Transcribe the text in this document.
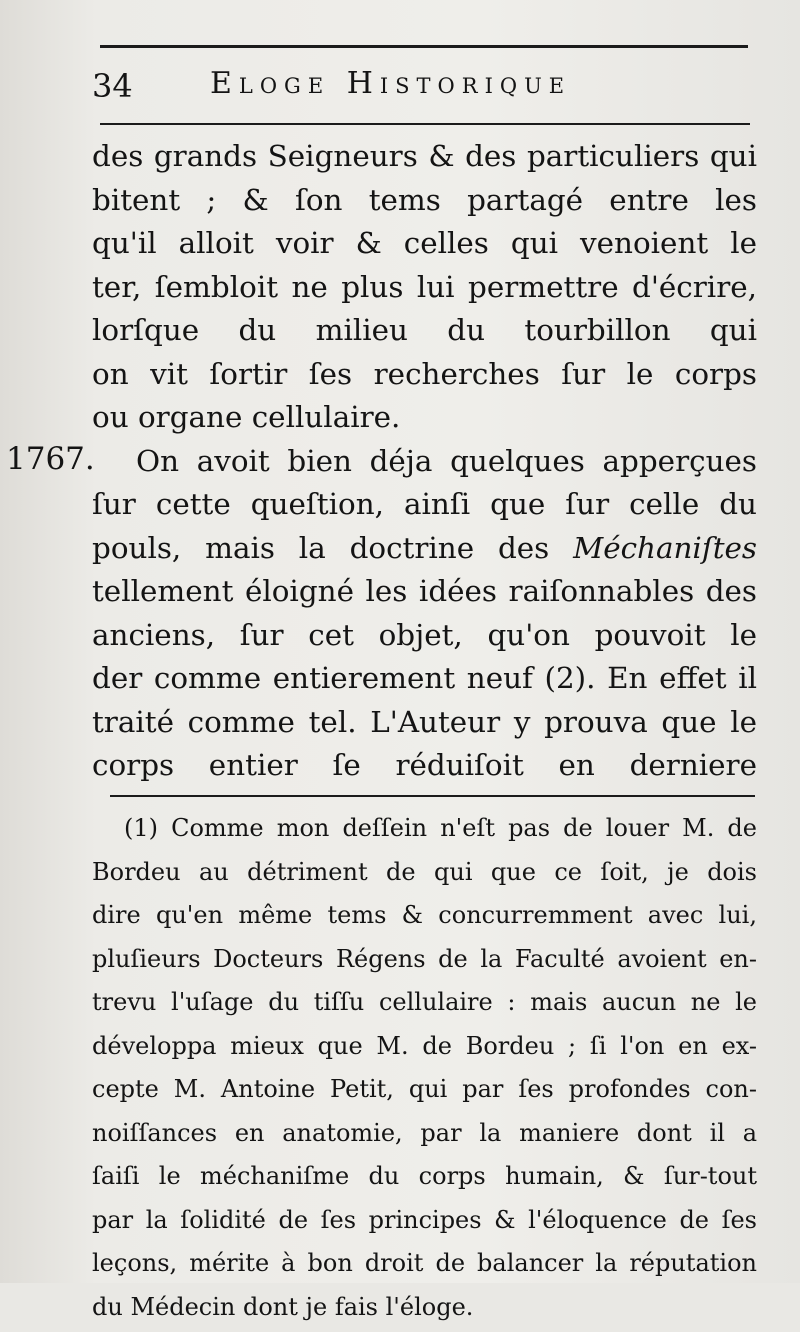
34	Eloge Historique
1767.
des grands Seigneurs & des particuliers qui
bitent ; & ſon tems partagé entre les
qu'il alloit voir & celles qui venoient le
ter, ſembloit ne plus lui permettre d'écrire,
lorſque du milieu du tourbillon qui
on vit ſortir ſes recherches ſur le corps
ou organe cellulaire.
On avoit bien déja quelques apperçues
ſur cette queſtion, ainſi que ſur celle du
pouls, mais la doctrine des Méchaniſtes
tellement éloigné les idées raiſonnables des
anciens, ſur cet objet, qu'on pouvoit le
der comme entierement neuf (2). En effet il
traité comme tel. L'Auteur y prouva que le
corps entier ſe réduiſoit en derniere
(1) Comme mon deſſein n'eſt pas de louer M. de
Bordeu au détriment de qui que ce ſoit, je dois
dire qu'en même tems & concurremment avec lui,
pluſieurs Docteurs Régens de la Faculté avoient en-
trevu l'uſage du tiſſu cellulaire : mais aucun ne le
développa mieux que M. de Bordeu ; ſi l'on en ex-
cepte M. Antoine Petit, qui par ſes profondes con-
noiſſances en anatomie, par la maniere dont il a
ſaiſi le méchaniſme du corps humain, & ſur-tout
par la ſolidité de ſes principes & l'éloquence de ſes
leçons, mérite à bon droit de balancer la réputation
du Médecin dont je fais l'éloge.
